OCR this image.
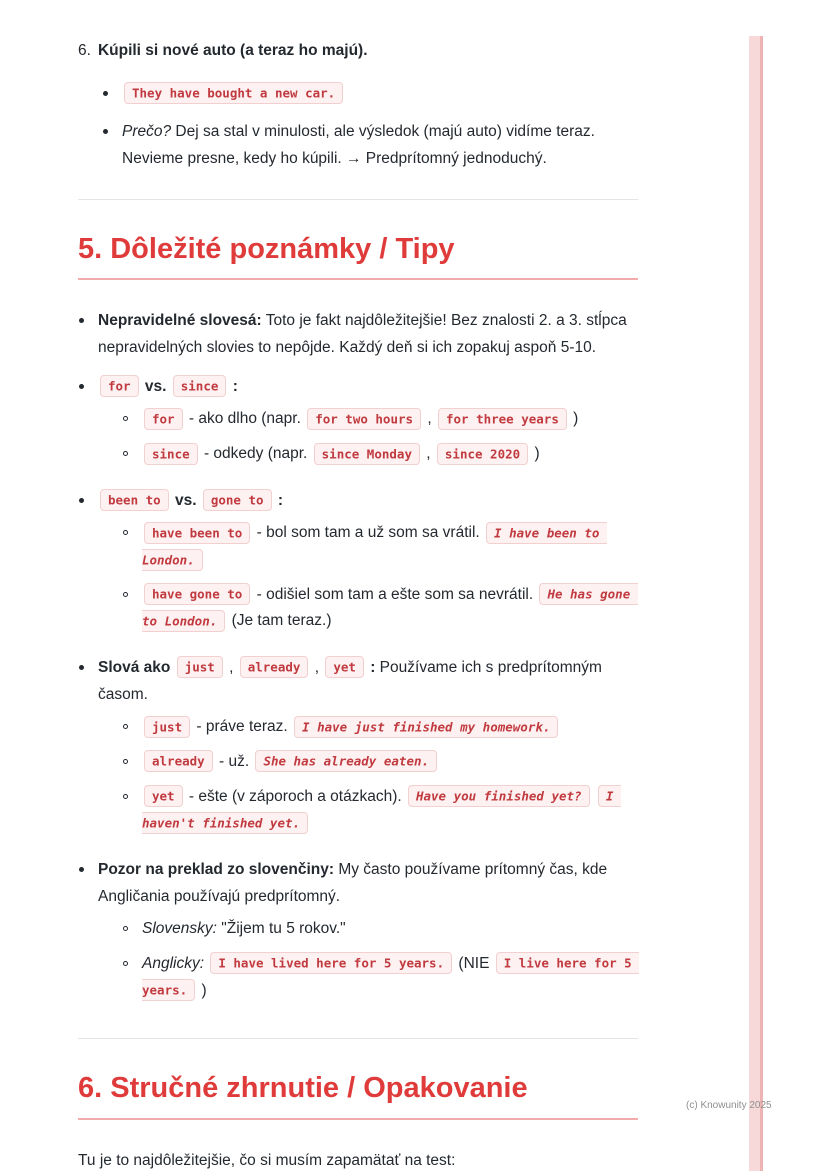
6. Kúpili si nové auto (a teraz ho majú).
They have bought a new car.
Prečo? Dej sa stal v minulosti, ale výsledok (majú auto) vidíme teraz. Nevieme presne, kedy ho kúpili. → Predprítomný jednoduchý.
5. Dôležité poznámky / Tipy
Nepravidelné slovesá: Toto je fakt najdôležitejšie! Bez znalosti 2. a 3. stĺpca nepravidelných slovies to nepôjde. Každý deň si ich zopakuj aspoň 5-10.
for vs. since :
for - ako dlho (napr. for two hours , for three years )
since - odkedy (napr. since Monday , since 2020 )
been to vs. gone to :
have been to - bol som tam a už som sa vrátil. I have been to London.
have gone to - odišiel som tam a ešte som sa nevrátil. He has gone to London. (Je tam teraz.)
Slová ako just , already , yet : Používame ich s predprítomným časom.
just - práve teraz. I have just finished my homework.
already - už. She has already eaten.
yet - ešte (v záporoch a otázkach). Have you finished yet? I haven't finished yet.
Pozor na preklad zo slovenčiny: My často používame prítomný čas, kde Angličania používajú predprítomný.
Slovensky: "Žijem tu 5 rokov."
Anglicky: I have lived here for 5 years. (NIE I live here for 5 years. )
6. Stručné zhrnutie / Opakovanie

Tu je to najdôležitejšie, čo si musím zapamätať na test:

(c) Knowunity 2025
